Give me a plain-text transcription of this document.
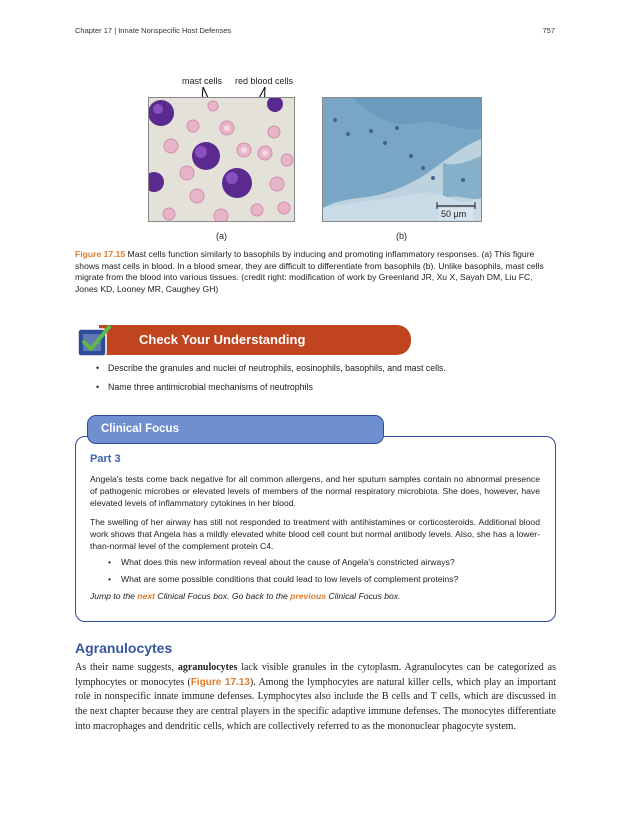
Chapter 17 | Innate Nonspecific Host Defenses	757
mast cells red blood cells
50 µm
(a)	(b)
Figure 17.15 Mast cells function similarly to basophils by inducing and promoting inflammatory responses. (a) This figure shows mast cells in blood. In a blood smear, they are difficult to differentiate from basophils (b). Unlike basophils, mast cells migrate from the blood into various tissues. (credit right: modification of work by Greenland JR, Xu X, Sayah DM, Liu FC, Jones KD, Looney MR, Caughey GH)
Check Your Understanding
• Describe the granules and nuclei of neutrophils, eosinophils, basophils, and mast cells.
• Name three antimicrobial mechanisms of neutrophils
Clinical Focus
Part 3

Angela's tests come back negative for all common allergens, and her sputum samples contain no abnormal presence of pathogenic microbes or elevated levels of members of the normal respiratory microbiota. She does, however, have elevated levels of inflammatory cytokines in her blood.

The swelling of her airway has still not responded to treatment with antihistamines or corticosteroids. Additional blood work shows that Angela has a mildly elevated white blood cell count but normal antibody levels. Also, she has a lower-than-normal level of the complement protein C4.

• What does this new information reveal about the cause of Angela's constricted airways?
• What are some possible conditions that could lead to low levels of complement proteins?
Jump to the next Clinical Focus box. Go back to the previous Clinical Focus box.
Agranulocytes

As their name suggests, agranulocytes lack visible granules in the cytoplasm. Agranulocytes can be categorized as lymphocytes or monocytes (Figure 17.13). Among the lymphocytes are natural killer cells, which play an important role in nonspecific innate immune defenses. Lymphocytes also include the B cells and T cells, which are discussed in the next chapter because they are central players in the specific adaptive immune defenses. The monocytes differentiate into macrophages and dendritic cells, which are collectively referred to as the mononuclear phagocyte system.
